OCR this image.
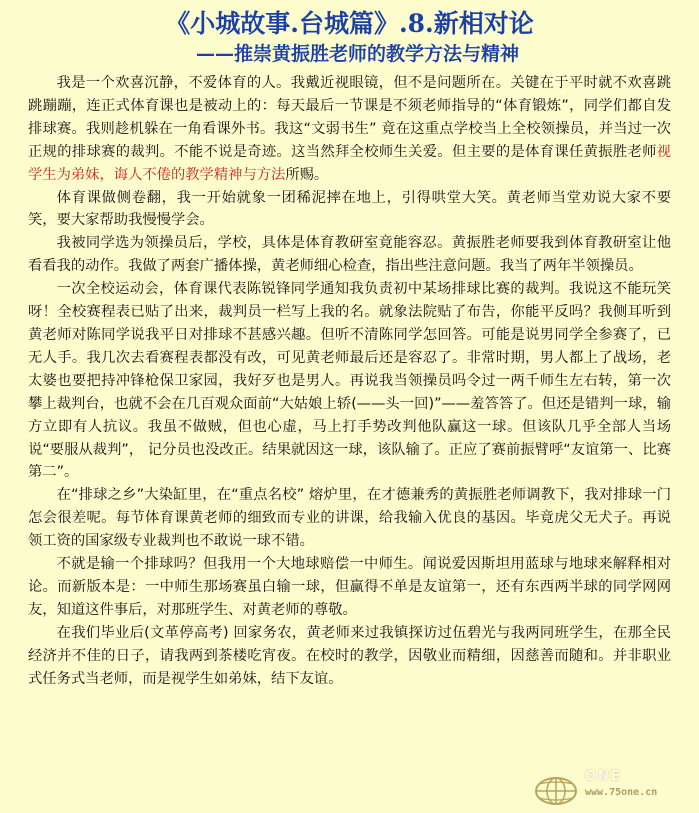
《小城故事.台城篇》.8.新相对论
——推崇黄振胜老师的教学方法与精神

我是一个欢喜沉静，不爱体育的人。我戴近视眼镜，但不是问题所在。关键在于平时就不欢喜跳跳蹦蹦，连正式体育课也是被动上的：每天最后一节课是不须老师指导的“体育锻炼”，同学们都自发排球赛。我则趁机躲在一角看课外书。我这“文弱书生” 竟在这重点学校当上全校领操员，并当过一次正规的排球赛的裁判。不能不说是奇迹。这当然拜全校师生关爱。但主要的是体育课任黄振胜老师视学生为弟妹，诲人不倦的教学精神与方法所赐。

体育课做侧卷翻，我一开始就象一团稀泥摔在地上，引得哄堂大笑。黄老师当堂劝说大家不要笑，要大家帮助我慢慢学会。

我被同学选为领操员后，学校，具体是体育教研室竟能容忍。黄振胜老师要我到体育教研室让他看看我的动作。我做了两套广播体操，黄老师细心检查，指出些注意问题。我当了两年半领操员。

一次全校运动会，体育课代表陈锐锋同学通知我负责初中某场排球比赛的裁判。我说这不能玩笑呀！全校赛程表已贴了出来，裁判员一栏写上我的名。就象法院贴了布告，你能平反吗？我侧耳听到黄老师对陈同学说我平日对排球不甚感兴趣。但听不清陈同学怎回答。可能是说男同学全参赛了，已无人手。我几次去看赛程表都没有改，可见黄老师最后还是容忍了。非常时期，男人都上了战场，老太婆也要把持冲锋枪保卫家园，我好歹也是男人。再说我当领操员吗令过一两千师生左右转，第一次攀上裁判台，也就不会在几百观众面前“大姑娘上轿(——头一回)”——羞答答了。但还是错判一球，输方立即有人抗议。我虽不做贼，但也心虚，马上打手势改判他队赢这一球。但该队几乎全部人当场说“要服从裁判”， 记分员也没改正。结果就因这一球，该队输了。正应了赛前振臂呼“友谊第一、比赛第二”。

在“排球之乡”大染缸里，在“重点名校” 熔炉里，在才德兼秀的黄振胜老师调教下，我对排球一门怎会很差呢。每节体育课黄老师的细致而专业的讲课，给我输入优良的基因。毕竟虎父无犬子。再说领工资的国家级专业裁判也不敢说一球不错。

不就是输一个排球吗？但我用一个大地球赔偿一中师生。闻说爱因斯坦用蓝球与地球来解释相对论。而新版本是：一中师生那场赛虽白输一球，但赢得不单是友谊第一，还有东西两半球的同学网网友，知道这件事后，对那班学生、对黄老师的尊敬。

在我们毕业后(文革停高考) 回家务农，黄老师来过我镇探访过伍碧光与我两同班学生，在那全民经济并不佳的日子，请我两到茶楼吃宵夜。在校时的教学，因敬业而精细，因慈善而随和。并非职业式任务式当老师，而是视学生如弟妹，结下友谊。

ONE
www.75one.cn
